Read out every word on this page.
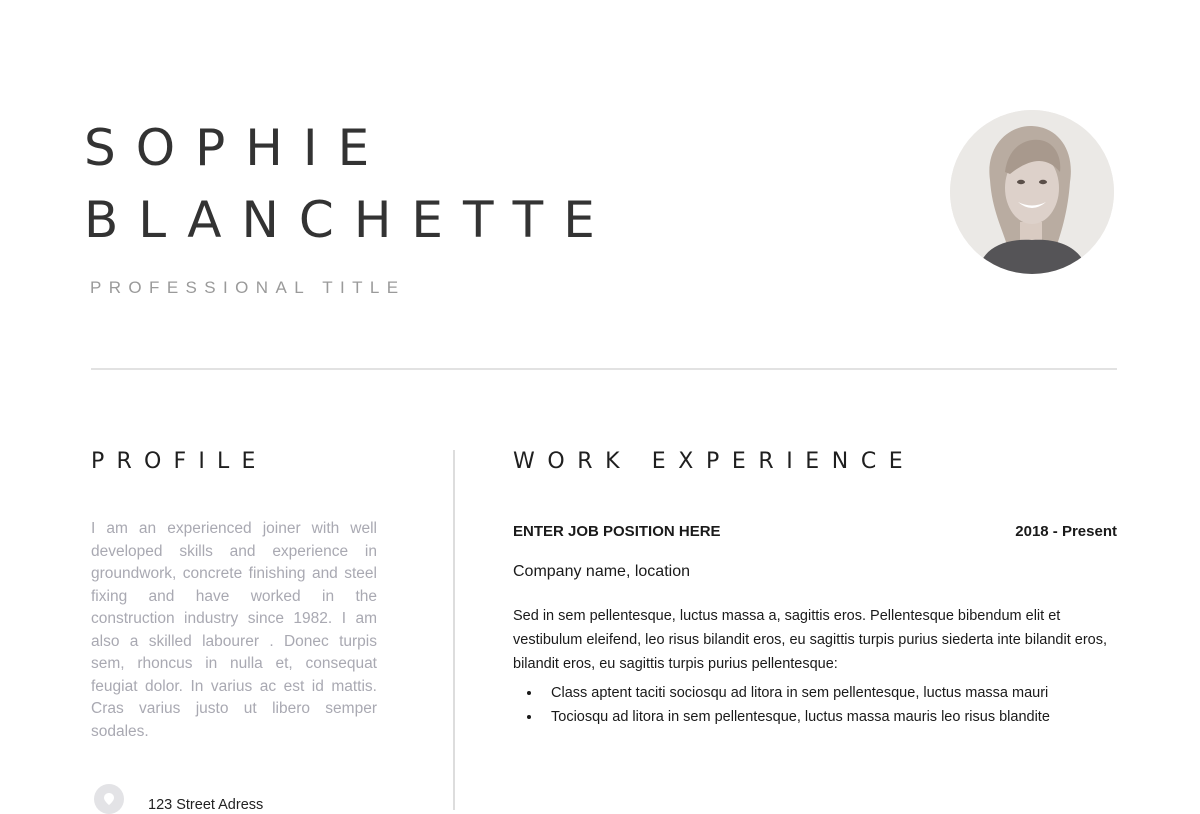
SOPHIE
BLANCHETTE
PROFESSIONAL TITLE
PROFILE

I am an experienced joiner with well developed skills and experience in groundwork, concrete finishing and steel fixing and have worked in the construction industry since 1982. I am also a skilled labourer . Donec turpis sem, rhoncus in nulla et, consequat feugiat dolor. In varius ac est id mattis. Cras varius justo ut libero semper sodales.

123 Street Adress
WORK EXPERIENCE
ENTER JOB POSITION HERE	2018 - Present
Company name, location

Sed in sem pellentesque, luctus massa a, sagittis eros. Pellentesque bibendum elit et vestibulum eleifend, leo risus bilandit eros, eu sagittis turpis purius siederta inte bilandit eros, bilandit eros, eu sagittis turpis purius pellentesque:

Class aptent taciti sociosqu ad litora in sem pellentesque, luctus massa mauri
Tociosqu ad litora in sem pellentesque, luctus massa mauris leo risus blandite
